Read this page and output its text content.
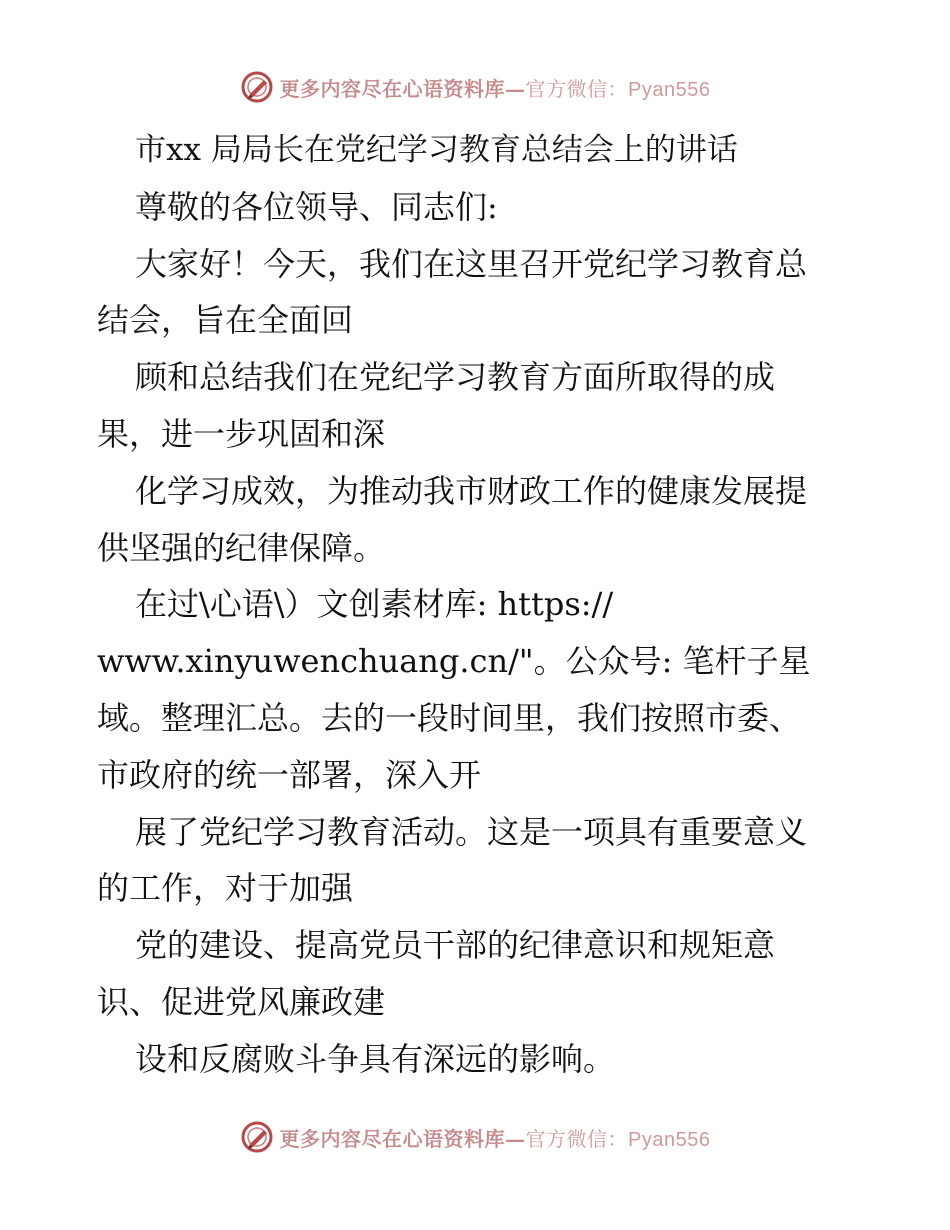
更多内容尽在心语资料库—官方微信：Pyan556
市xx 局局长在党纪学习教育总结会上的讲话
尊敬的各位领导、同志们:
大家好！今天，我们在这里召开党纪学习教育总
结会，旨在全面回
顾和总结我们在党纪学习教育方面所取得的成
果，进一步巩固和深
化学习成效，为推动我市财政工作的健康发展提
供坚强的纪律保障。
在过\心语\）文创素材库: https://
www.xinyuwenchuang.cn/"。公众号: 笔杆子星
域。整理汇总。去的一段时间里，我们按照市委、
市政府的统一部署，深入开
展了党纪学习教育活动。这是一项具有重要意义
的工作，对于加强
党的建设、提高党员干部的纪律意识和规矩意
识、促进党风廉政建
设和反腐败斗争具有深远的影响。
更多内容尽在心语资料库—官方微信：Pyan556
